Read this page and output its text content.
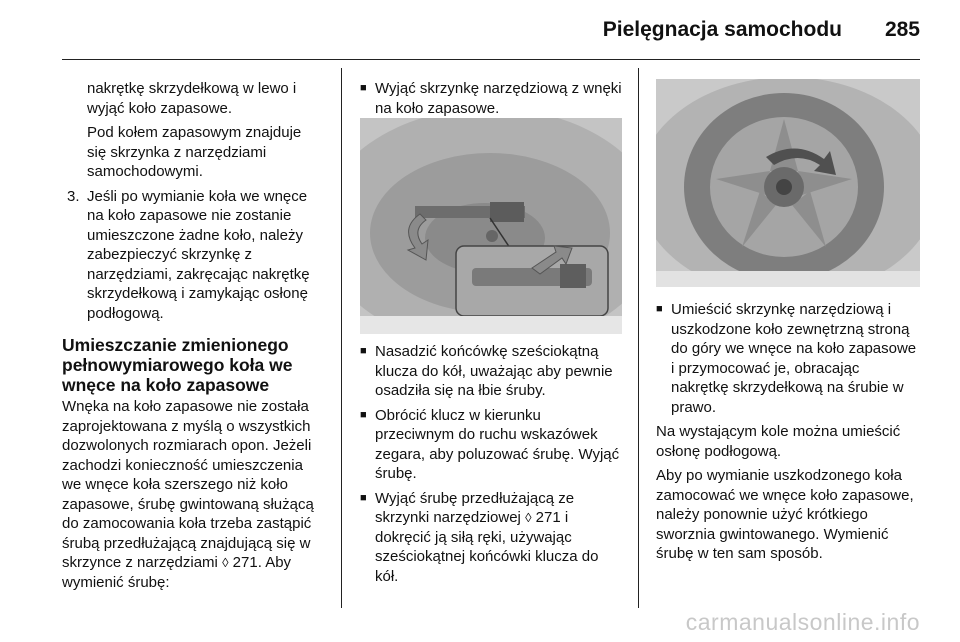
Pielęgnacja samochodu 285

nakrętkę skrzydełkową w lewo i wyjąć koło zapasowe.

Pod kołem zapasowym znajduje się skrzynka z narzędziami samochodowymi.

3. Jeśli po wymianie koła we wnęce na koło zapasowe nie zostanie umieszczone żadne koło, należy zabezpieczyć skrzynkę z narzędziami, zakręcając nakrętkę skrzydełkową i zamykając osłonę podłogową.

Umieszczanie zmienionego pełnowymiarowego koła we wnęce na koło zapasowe

Wnęka na koło zapasowe nie została zaprojektowana z myślą o wszystkich dozwolonych rozmiarach opon. Jeżeli zachodzi konieczność umieszczenia we wnęce koła szerszego niż koło zapasowe, śrubę gwintowaną służącą do zamocowania koła trzeba zastąpić śrubą przedłużającą znajdującą się w skrzynce z narzędziami ◊ 271. Aby wymienić śrubę:

■ Wyjąć skrzynkę narzędziową z wnęki na koło zapasowe.

■ Nasadzić końcówkę sześciokątną klucza do kół, uważając aby pewnie osadziła się na łbie śruby.

■ Obrócić klucz w kierunku przeciwnym do ruchu wskazówek zegara, aby poluzować śrubę. Wyjąć śrubę.

■ Wyjąć śrubę przedłużającą ze skrzynki narzędziowej ◊ 271 i dokręcić ją siłą ręki, używając sześciokątnej końcówki klucza do kół.

■ Umieścić skrzynkę narzędziową i uszkodzone koło zewnętrzną stroną do góry we wnęce na koło zapasowe i przymocować je, obracając nakrętkę skrzydełkową na śrubie w prawo.

Na wystającym kole można umieścić osłonę podłogową.

Aby po wymianie uszkodzonego koła zamocować we wnęce koło zapasowe, należy ponownie użyć krótkiego sworznia gwintowanego. Wymienić śrubę w ten sam sposób.

carmanualsonline.info
